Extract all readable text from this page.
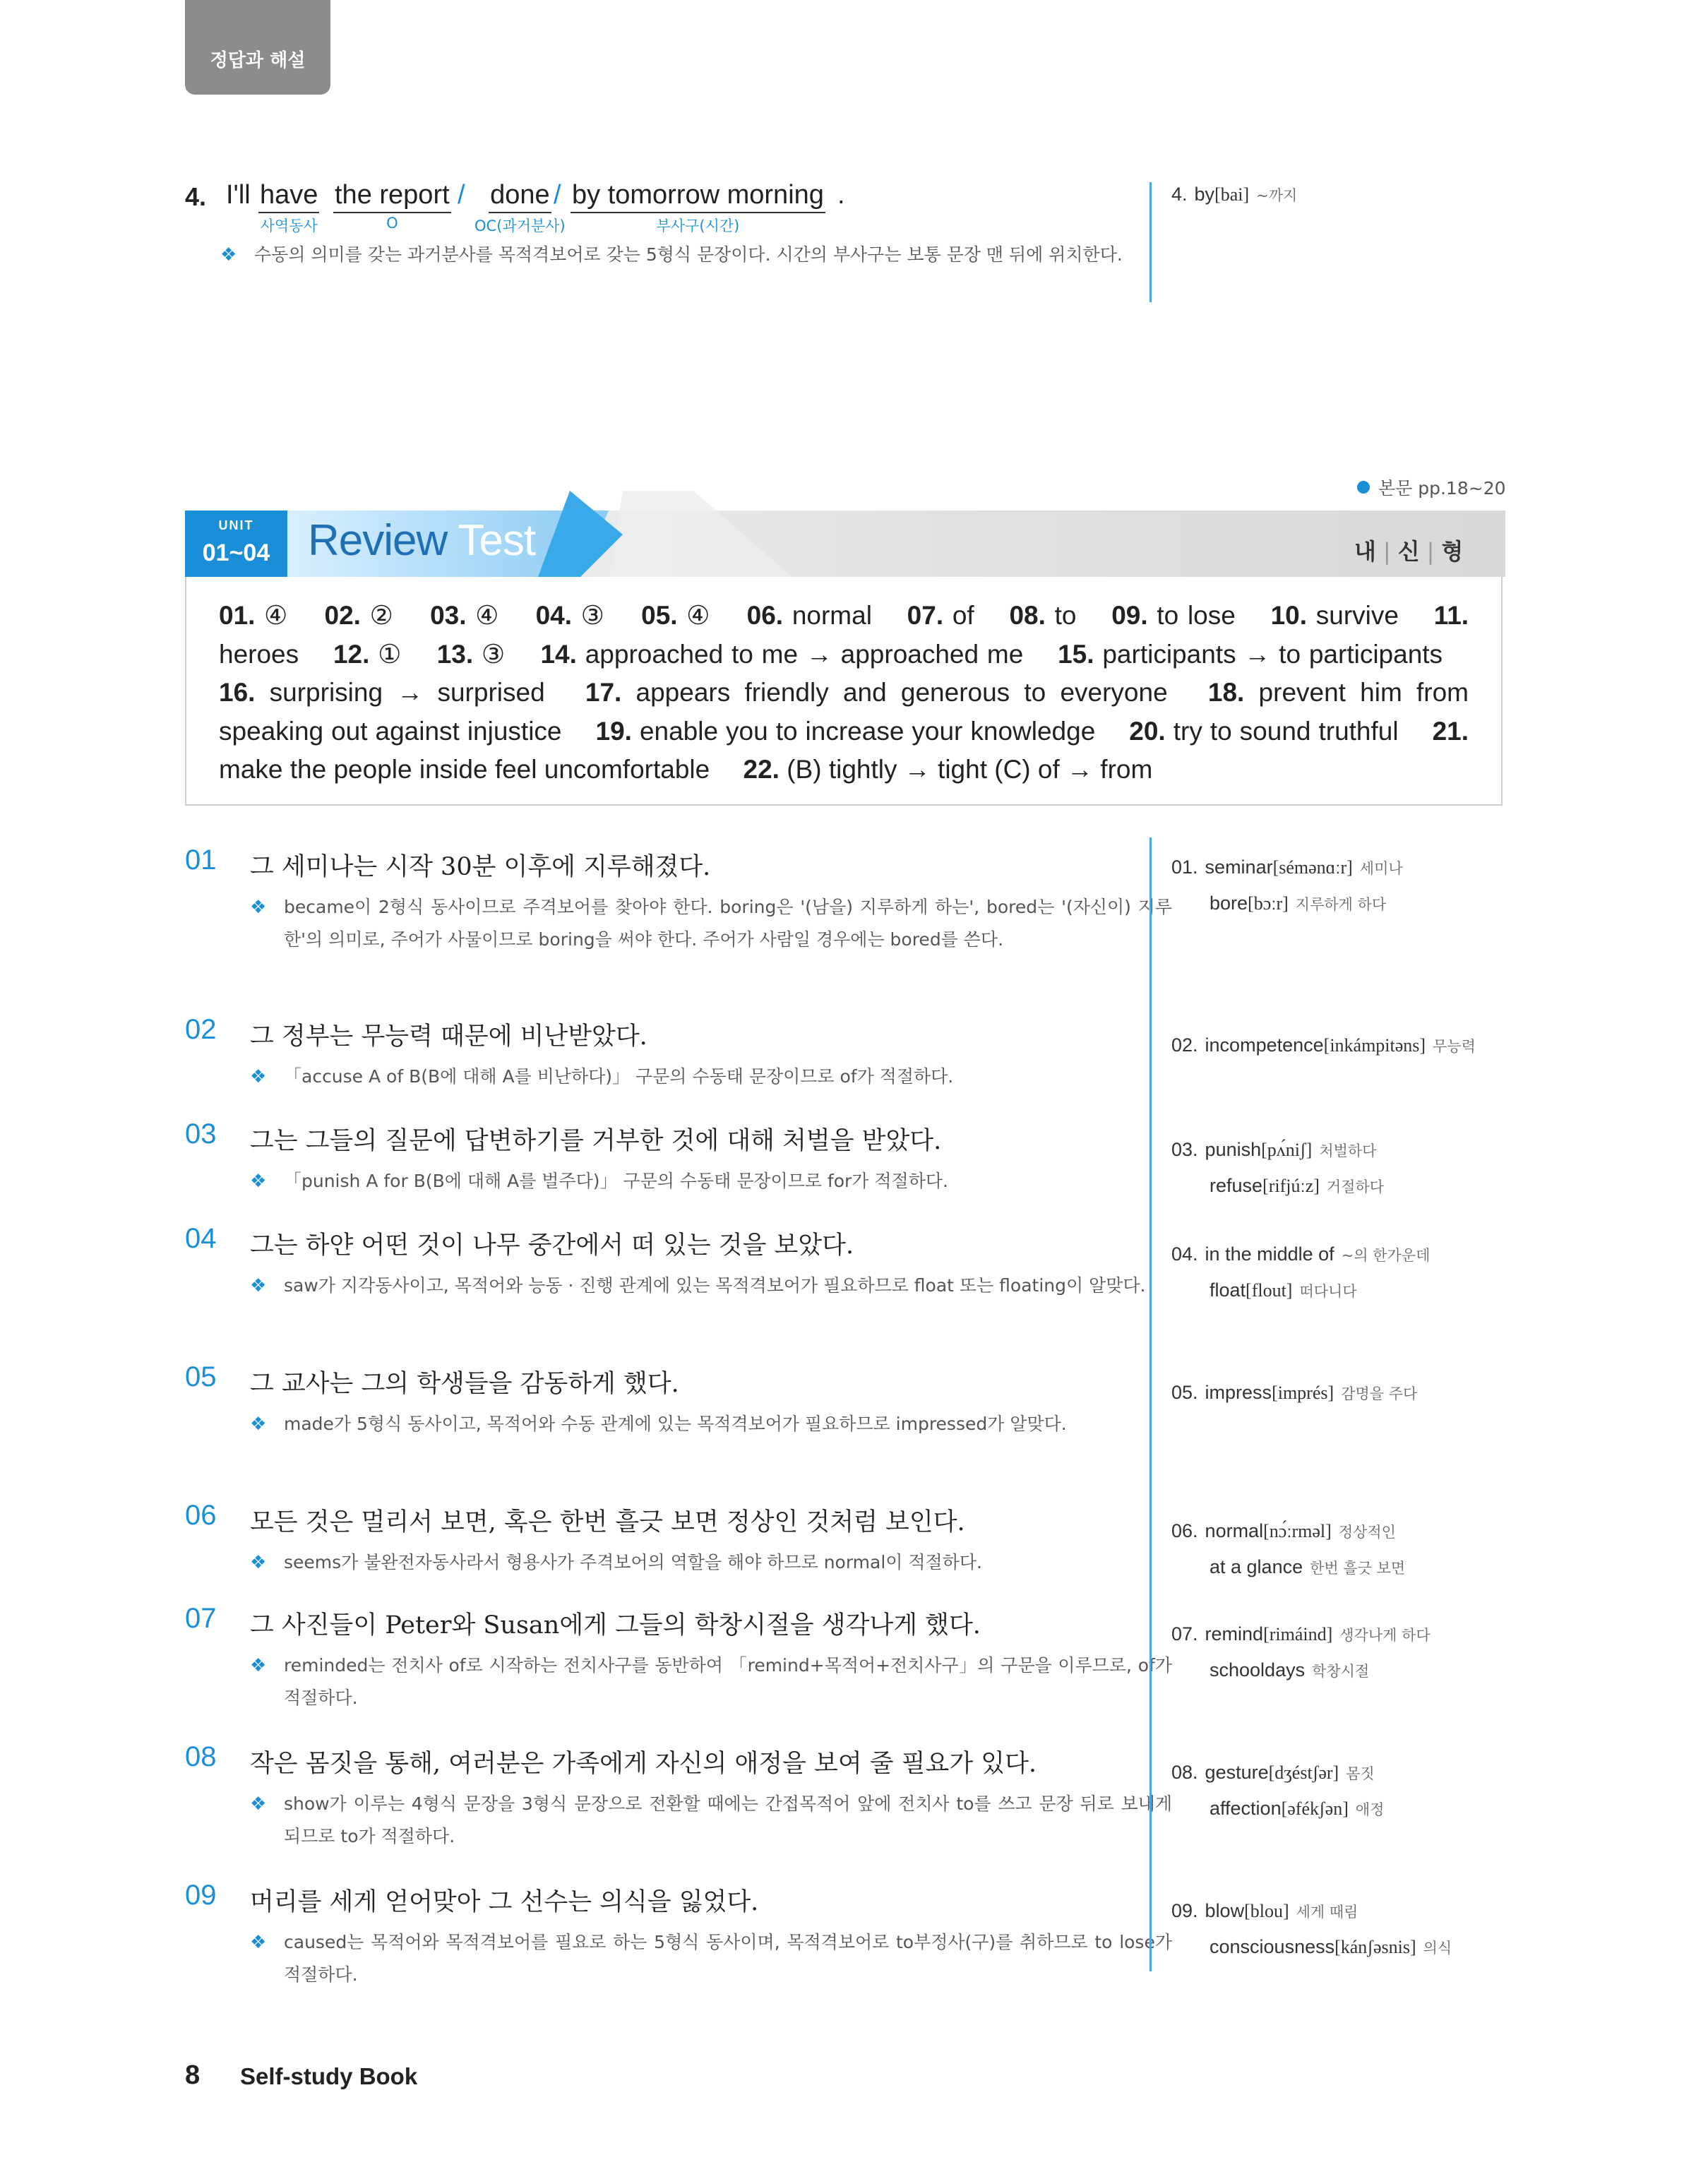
정답과 해설
4. I'll have
사역동사
the report
O
/ done
OC(과거분사)
/ by tomorrow morning
부사구(시간)
.
❖ 수동의 의미를 갖는 과거분사를 목적격보어로 갖는 5형식 문장이다. 시간의 부사구는 보통 문장 맨 뒤에 위치한다.
4. by[bai] ~까지
본문 pp.18~20
UNIT
01~04 Review Test	내 | 신 | 형
01. ④  02. ②  03. ④  04. ③  05. ④  06. normal  07. of  08. to  09. to lose  10. survive  11. heroes  12. ①  13. ③  14. approached to me → approached me  15. participants → to participants  16. surprising → surprised  17. appears friendly and generous to everyone  18. prevent him from speaking out against injustice  19. enable you to increase your knowledge  20. try to sound truthful  21. make the people inside feel uncomfortable  22. (B) tightly → tight (C) of → from
01 그 세미나는 시작 30분 이후에 지루해졌다.
❖ became이 2형식 동사이므로 주격보어를 찾아야 한다. boring은 '(남을) 지루하게 하는', bored는 '(자신이) 지루한'의 의미로, 주어가 사물이므로 boring을 써야 한다. 주어가 사람일 경우에는 bored를 쓴다.
02 그 정부는 무능력 때문에 비난받았다.
❖ 「accuse A of B(B에 대해 A를 비난하다)」 구문의 수동태 문장이므로 of가 적절하다.
03 그는 그들의 질문에 답변하기를 거부한 것에 대해 처벌을 받았다.
❖ 「punish A for B(B에 대해 A를 벌주다)」 구문의 수동태 문장이므로 for가 적절하다.
04 그는 하얀 어떤 것이 나무 중간에서 떠 있는 것을 보았다.
❖ saw가 지각동사이고, 목적어와 능동 · 진행 관계에 있는 목적격보어가 필요하므로 float 또는 floating이 알맞다.
05 그 교사는 그의 학생들을 감동하게 했다.
❖ made가 5형식 동사이고, 목적어와 수동 관계에 있는 목적격보어가 필요하므로 impressed가 알맞다.
06 모든 것은 멀리서 보면, 혹은 한번 흘긋 보면 정상인 것처럼 보인다.
❖ seems가 불완전자동사라서 형용사가 주격보어의 역할을 해야 하므로 normal이 적절하다.
07 그 사진들이 Peter와 Susan에게 그들의 학창시절을 생각나게 했다.
❖ reminded는 전치사 of로 시작하는 전치사구를 동반하여 「remind+목적어+전치사구」의 구문을 이루므로, of가 적절하다.
08 작은 몸짓을 통해, 여러분은 가족에게 자신의 애정을 보여 줄 필요가 있다.
❖ show가 이루는 4형식 문장을 3형식 문장으로 전환할 때에는 간접목적어 앞에 전치사 to를 쓰고 문장 뒤로 보내게 되므로 to가 적절하다.
09 머리를 세게 얻어맞아 그 선수는 의식을 잃었다.
❖ caused는 목적어와 목적격보어를 필요로 하는 5형식 동사이며, 목적격보어로 to부정사(구)를 취하므로 to lose가 적절하다.
01. seminar[sémənɑːr] 세미나
bore[bɔːr] 지루하게 하다
02. incompetence[inkámpitəns] 무능력
03. punish[pʌ́niʃ] 처벌하다
refuse[rifjúːz] 거절하다
04. in the middle of ~의 한가운데
float[flout] 떠다니다
05. impress[imprés] 감명을 주다
06. normal[nɔ́ːrməl] 정상적인
at a glance 한번 흘긋 보면
07. remind[rimáind] 생각나게 하다
schooldays 학창시절
08. gesture[dʒéstʃər] 몸짓
affection[əfékʃən] 애정
09. blow[blou] 세게 때림
consciousness[kánʃəsnis] 의식
8 Self-study Book
